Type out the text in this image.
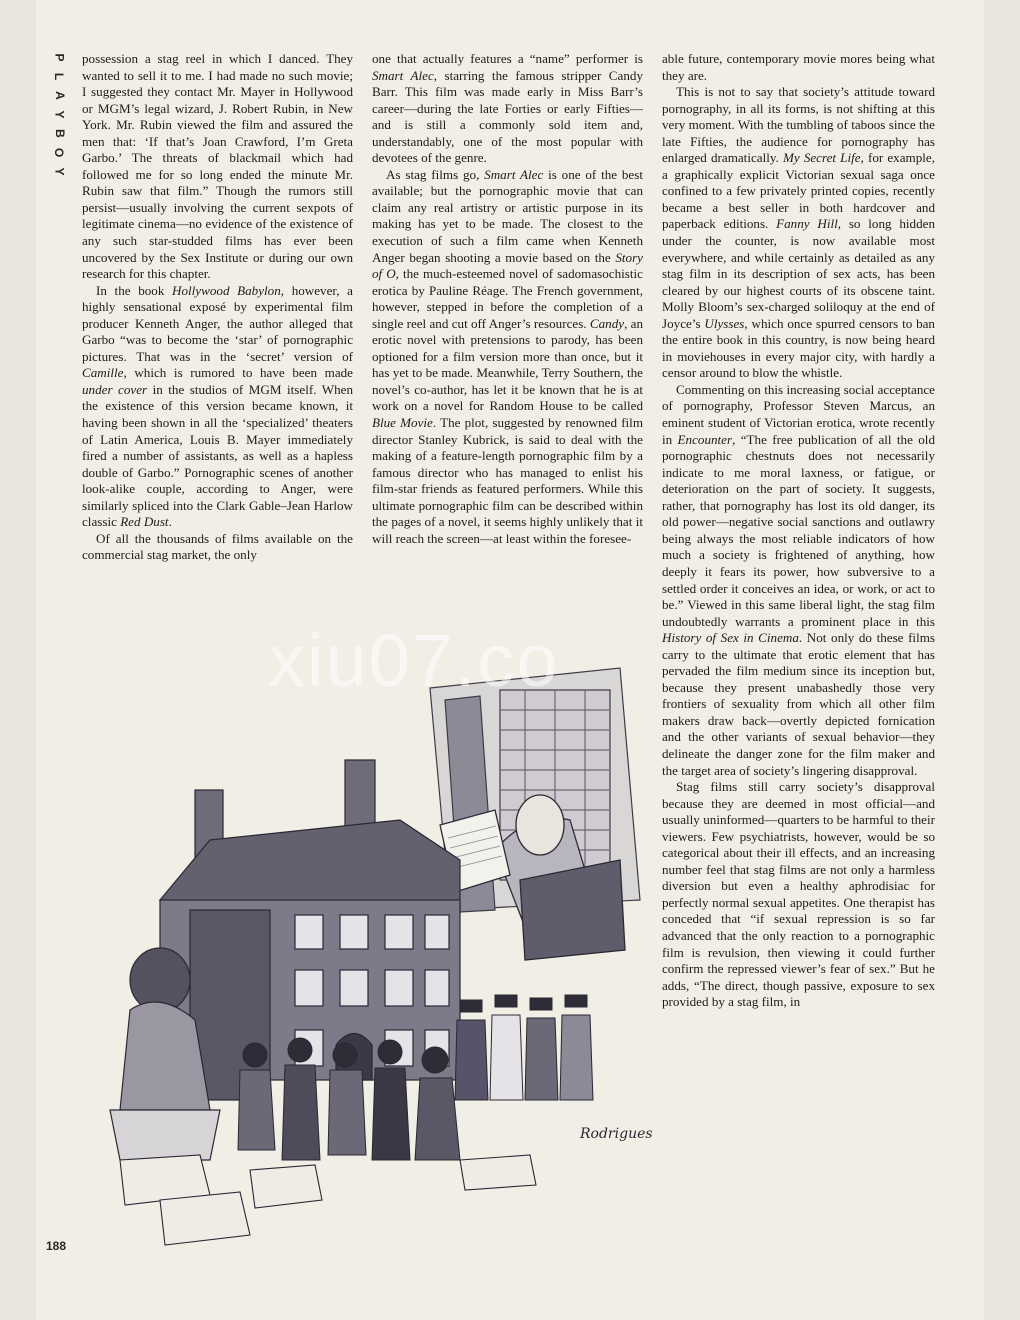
P
L
A
Y
B
O
Y

possession a stag reel in which I danced. They wanted to sell it to me. I had made no such movie; I suggested they contact Mr. Mayer in Hollywood or MGM’s legal wizard, J. Robert Rubin, in New York. Mr. Rubin viewed the film and assured the men that: ‘If that’s Joan Crawford, I’m Greta Garbo.’ The threats of blackmail which had followed me for so long ended the minute Mr. Rubin saw that film.” Though the rumors still persist—usually involving the current sexpots of legitimate cinema—no evidence of the existence of any such star-studded films has ever been uncovered by the Sex Institute or during our own research for this chapter.

In the book Hollywood Babylon, however, a highly sensational exposé by experimental film producer Kenneth Anger, the author alleged that Garbo “was to become the ‘star’ of pornographic pictures. That was in the ‘secret’ version of Camille, which is rumored to have been made under cover in the studios of MGM itself. When the existence of this version became known, it having been shown in all the ‘specialized’ theaters of Latin America, Louis B. Mayer immediately fired a number of assistants, as well as a hapless double of Garbo.” Pornographic scenes of another look-alike couple, according to Anger, were similarly spliced into the Clark Gable–Jean Harlow classic Red Dust.

Of all the thousands of films available on the commercial stag market, the only

one that actually features a “name” performer is Smart Alec, starring the famous stripper Candy Barr. This film was made early in Miss Barr’s career—during the late Forties or early Fifties—and is still a commonly sold item and, understandably, one of the most popular with devotees of the genre.

As stag films go, Smart Alec is one of the best available; but the pornographic movie that can claim any real artistry or artistic purpose in its making has yet to be made. The closest to the execution of such a film came when Kenneth Anger began shooting a movie based on the Story of O, the much-esteemed novel of sadomasochistic erotica by Pauline Réage. The French government, however, stepped in before the completion of a single reel and cut off Anger’s resources. Candy, an erotic novel with pretensions to parody, has been optioned for a film version more than once, but it has yet to be made. Meanwhile, Terry Southern, the novel’s co-author, has let it be known that he is at work on a novel for Random House to be called Blue Movie. The plot, suggested by renowned film director Stanley Kubrick, is said to deal with the making of a feature-length pornographic film by a famous director who has managed to enlist his film-star friends as featured performers. While this ultimate pornographic film can be described within the pages of a novel, it seems highly unlikely that it will reach the screen—at least within the foresee-

able future, contemporary movie mores being what they are.

This is not to say that society’s attitude toward pornography, in all its forms, is not shifting at this very moment. With the tumbling of taboos since the late Fifties, the audience for pornography has enlarged dramatically. My Secret Life, for example, a graphically explicit Victorian sexual saga once confined to a few privately printed copies, recently became a best seller in both hardcover and paperback editions. Fanny Hill, so long hidden under the counter, is now available most everywhere, and while certainly as detailed as any stag film in its description of sex acts, has been cleared by our highest courts of its obscene taint. Molly Bloom’s sex-charged soliloquy at the end of Joyce’s Ulysses, which once spurred censors to ban the entire book in this country, is now being heard in moviehouses in every major city, with hardly a censor around to blow the whistle.

Commenting on this increasing social acceptance of pornography, Professor Steven Marcus, an eminent student of Victorian erotica, wrote recently in Encounter, “The free publication of all the old pornographic chestnuts does not necessarily indicate to me moral laxness, or fatigue, or deterioration on the part of society. It suggests, rather, that pornography has lost its old danger, its old power—negative social sanctions and outlawry being always the most reliable indicators of how much a society is frightened of anything, how deeply it fears its power, how subversive to a settled order it conceives an idea, or work, or act to be.” Viewed in this same liberal light, the stag film undoubtedly warrants a prominent place in this History of Sex in Cinema. Not only do these films carry to the ultimate that erotic element that has pervaded the film medium since its inception but, because they present unabashedly those very frontiers of sexuality from which all other film makers draw back—overtly depicted fornication and the other variants of sexual behavior—they delineate the danger zone for the film maker and the target area of society’s lingering disapproval.

Stag films still carry society’s disapproval because they are deemed in most official—and usually uninformed—quarters to be harmful to their viewers. Few psychiatrists, however, would be so categorical about their ill effects, and an increasing number feel that stag films are not only a harmless diversion but even a healthy aphrodisiac for perfectly normal sexual appetites. One therapist has conceded that “if sexual repression is so far advanced that the only reaction to a pornographic film is revulsion, then viewing it could further confirm the repressed viewer’s fear of sex.” But he adds, “The direct, though passive, exposure to sex provided by a stag film, in

Rodrigues
xiu07.co
188
